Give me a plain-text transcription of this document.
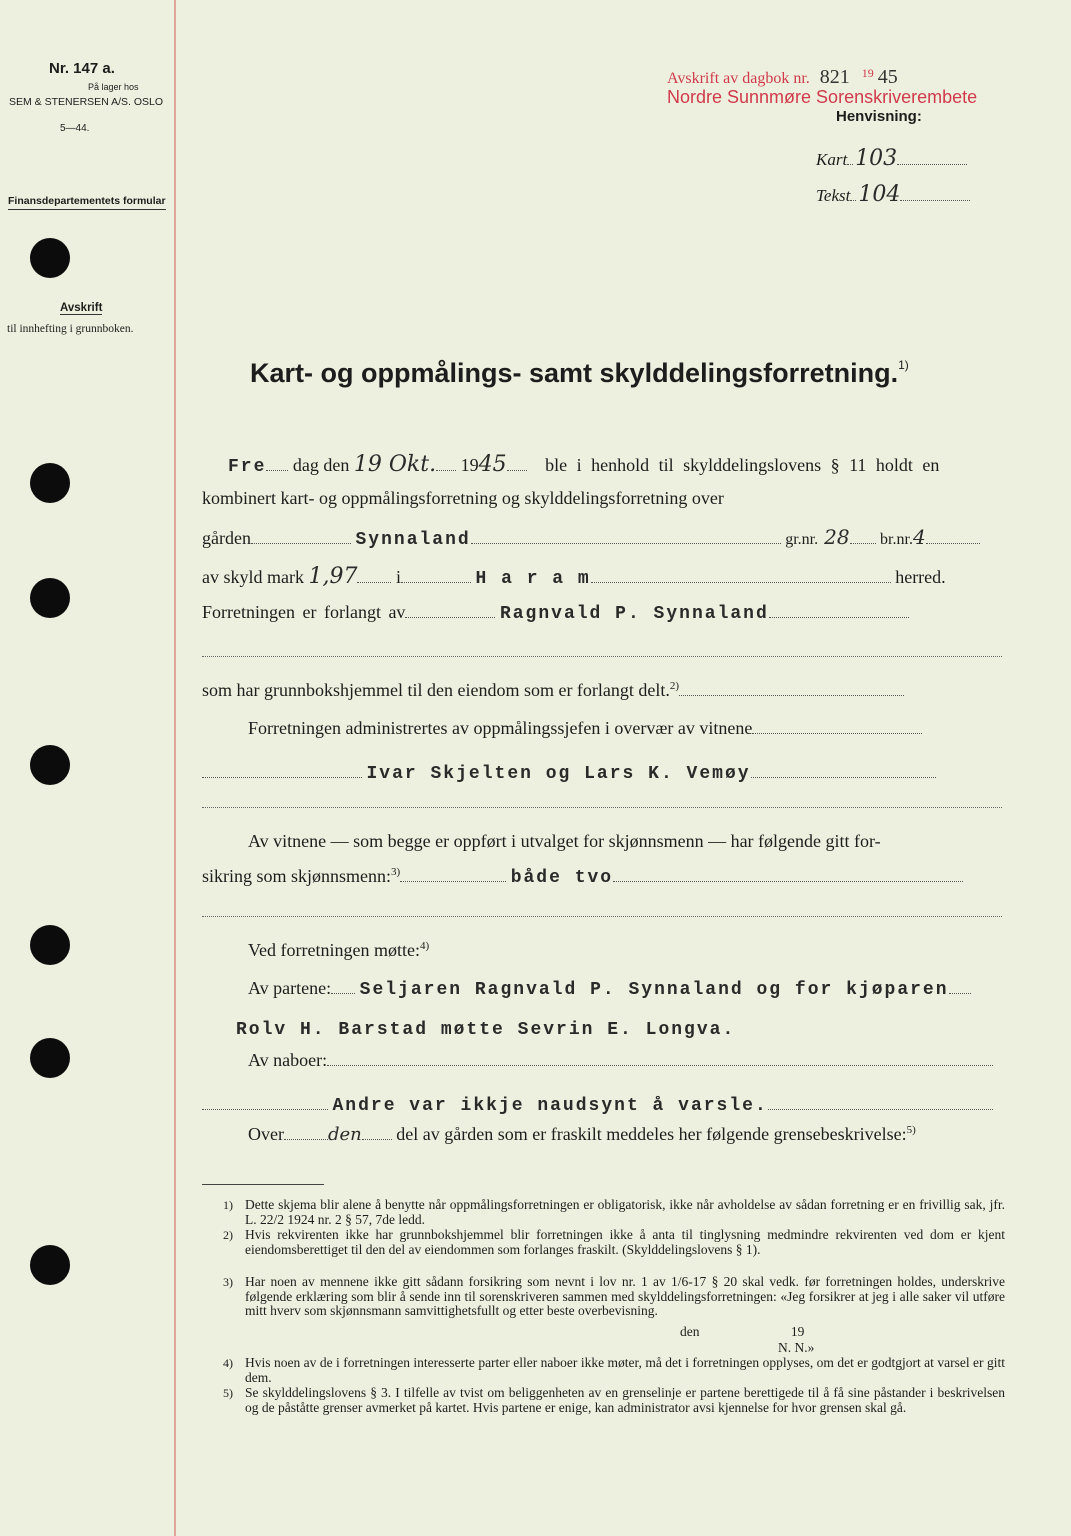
Nr. 147 a.
På lager hos
SEM & STENERSEN A/S. OSLO
5—44.
Finansdepartementets formular
Avskrift
til innhefting i grunnboken.
Avskrift av dagbok nr. 821 $^{19}$ 45
Nordre Sunnmøre Sorenskriverembete
Henvisning:
Kart 103
Tekst 104
Kart- og oppmålings- samt skylddelingsforretning.$^{1)}$
Fre dag den 19 Okt. 1945 ble i henhold til skylddelingslovens § 11 holdt en
kombinert kart- og oppmålingsforretning og skylddelingsforretning over
gården	Synnaland	gr.nr. 28 br.nr.4
av skyld mark 1,97 i	H a r a m	herred.
Forretningen er forlangt av	Ragnvald P. Synnaland
som har grunnbokshjemmel til den eiendom som er forlangt delt.$^{2)}$
Forretningen administrertes av oppmålingssjefen i overvær av vitnene
Ivar Skjelten og Lars K. Vemøy
Av vitnene — som begge er oppført i utvalget for skjønnsmenn — har følgende gitt for-
sikring som skjønnsmenn:$^{3)}$	både tvo
Ved forretningen møtte:$^{4)}$
Av partene: Seljaren Ragnvald P. Synnaland og for kjøparen
Rolv H. Barstad møtte Sevrin E. Longva.
Av naboer:
Andre var ikkje naudsynt å varsle.
Over den del av gården som er fraskilt meddeles her følgende grensebeskrivelse:$^{5)}$
1) Dette skjema blir alene å benytte når oppmålingsforretningen er obligatorisk, ikke når avholdelse av sådan forretning er en frivillig sak, jfr. L. 22/2 1924 nr. 2 § 57, 7de ledd.
2) Hvis rekvirenten ikke har grunnbokshjemmel blir forretningen ikke å anta til tinglysning medmindre rekvirenten ved dom er kjent eiendomsberettiget til den del av eiendommen som forlanges fraskilt. (Skylddelingslovens § 1).
3) Har noen av mennene ikke gitt sådann forsikring som nevnt i lov nr. 1 av 1/6-17 § 20 skal vedk. før forretningen holdes, underskrive følgende erklæring som blir å sende inn til sorenskriveren sammen med skylddelingsforretningen: «Jeg forsikrer at jeg i alle saker vil utføre mitt hverv som skjønnsmann samvittighetsfullt og etter beste overbevisning.
den	19
N. N.»
4) Hvis noen av de i forretningen interesserte parter eller naboer ikke møter, må det i forretningen opplyses, om det er godtgjort at varsel er gitt dem.
5) Se skylddelingslovens § 3. I tilfelle av tvist om beliggenheten av en grenselinje er partene berettigede til å få sine påstander i beskrivelsen og de påståtte grenser avmerket på kartet. Hvis partene er enige, kan administrator avsi kjennelse for hvor grensen skal gå.
